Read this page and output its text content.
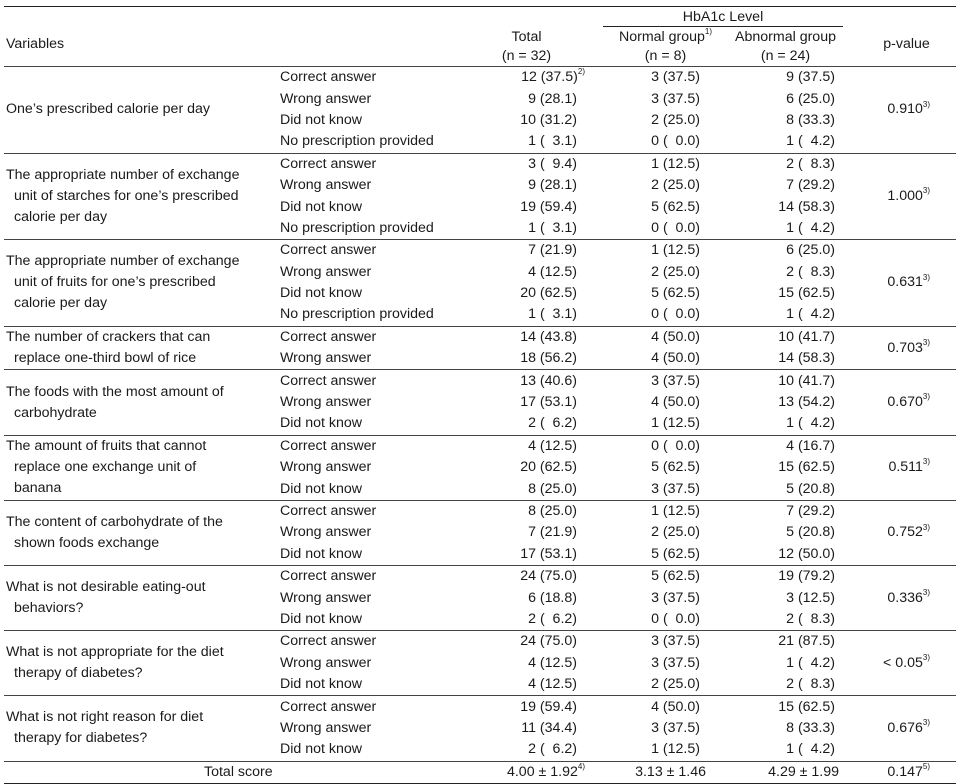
Variables			HbA1c Level		p-value
		Total	Normal group$^{1)}$	Abnormal group	
		(n = 32)	(n = 8)	(n = 24)	

One’s prescribed calorie per day	Correct answer	12 $(37.5)^{2)}$	3 (37.5)	9 (37.5)	0.910$^{3)}$
	Wrong answer	9 (28.1)	3 (37.5)	6 (25.0)	
	Did not know	10 (31.2)	2 (25.0)	8 (33.3)	
	No prescription provided	1 (  3.1)	0 (  0.0)	1 (  4.2)	

The appropriate number of exchange
unit of starches for one’s prescribed
calorie per day	Correct answer	3 (  9.4)	1 (12.5)	2 (  8.3)	1.000$^{3)}$
	Wrong answer	9 (28.1)	2 (25.0)	7 (29.2)	
	Did not know	19 (59.4)	5 (62.5)	14 (58.3)	
	No prescription provided	1 (  3.1)	0 (  0.0)	1 (  4.2)	

The appropriate number of exchange
unit of fruits for one’s prescribed
calorie per day	Correct answer	7 (21.9)	1 (12.5)	6 (25.0)	0.631$^{3)}$
	Wrong answer	4 (12.5)	2 (25.0)	2 (  8.3)	
	Did not know	20 (62.5)	5 (62.5)	15 (62.5)	
	No prescription provided	1 (  3.1)	0 (  0.0)	1 (  4.2)	

The number of crackers that can
replace one-third bowl of rice	Correct answer	14 (43.8)	4 (50.0)	10 (41.7)	0.703$^{3)}$
	Wrong answer	18 (56.2)	4 (50.0)	14 (58.3)	

The foods with the most amount of
carbohydrate	Correct answer	13 (40.6)	3 (37.5)	10 (41.7)	0.670$^{3)}$
	Wrong answer	17 (53.1)	4 (50.0)	13 (54.2)	
	Did not know	2 (  6.2)	1 (12.5)	1 (  4.2)	

The amount of fruits that cannot
replace one exchange unit of
banana	Correct answer	4 (12.5)	0 (  0.0)	4 (16.7)	0.511$^{3)}$
	Wrong answer	20 (62.5)	5 (62.5)	15 (62.5)	
	Did not know	8 (25.0)	3 (37.5)	5 (20.8)	

The content of carbohydrate of the
shown foods exchange	Correct answer	8 (25.0)	1 (12.5)	7 (29.2)	0.752$^{3)}$
	Wrong answer	7 (21.9)	2 (25.0)	5 (20.8)	
	Did not know	17 (53.1)	5 (62.5)	12 (50.0)	

What is not desirable eating-out
behaviors?	Correct answer	24 (75.0)	5 (62.5)	19 (79.2)	0.336$^{3)}$
	Wrong answer	6 (18.8)	3 (37.5)	3 (12.5)	
	Did not know	2 (  6.2)	0 (  0.0)	2 (  8.3)	

What is not appropriate for the diet
therapy of diabetes?	Correct answer	24 (75.0)	3 (37.5)	21 (87.5)	< $0.05^{3)}$
	Wrong answer	4 (12.5)	3 (37.5)	1 (  4.2)	
	Did not know	4 (12.5)	2 (25.0)	2 (  8.3)	

What is not right reason for diet
therapy for diabetes?	Correct answer	19 (59.4)	4 (50.0)	15 (62.5)	0.676$^{3)}$
	Wrong answer	11 (34.4)	3 (37.5)	8 (33.3)	
	Did not know	2 (  6.2)	1 (12.5)	1 (  4.2)	
Total score		$4.00 \pm 1.92^{4)}$	3.13 ± 1.46	4.29 ± 1.99	0.147$^{5)}$
